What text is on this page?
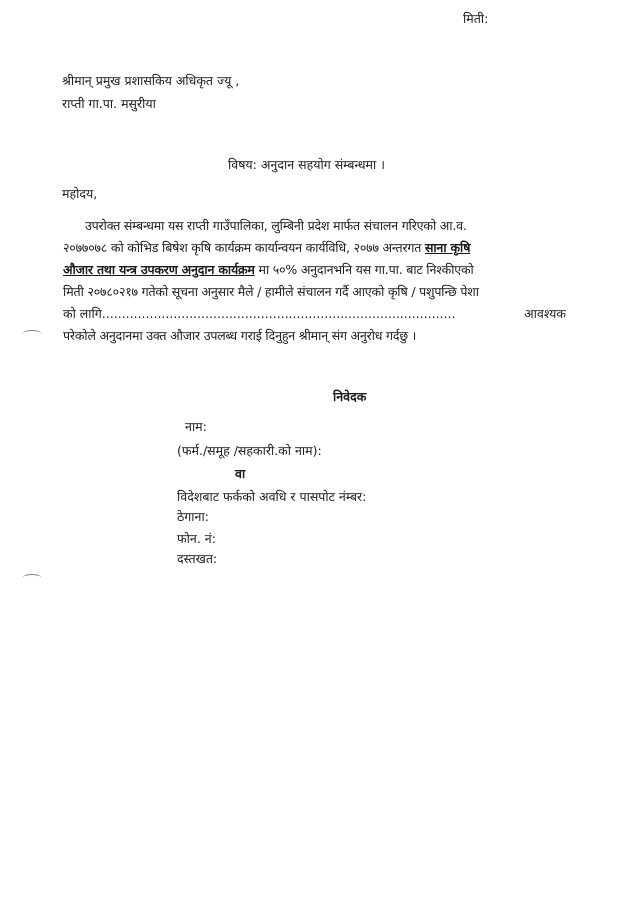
मिती:
श्रीमान् प्रमुख प्रशासकिय अधिकृत ज्यू ,
राप्ती गा.पा. मसुरीया
विषय: अनुदान सहयोग संम्बन्धमा ।
महोदय,
उपरोक्त संम्बन्धमा यस राप्ती गाउँपालिका, लुम्बिनी प्रदेश मार्फत संचालन गरिएको आ.व.
२०७७०७८ को कोभिड बिषेश कृषि कार्यक्रम कार्यान्वयन कार्यविधि, २०७७ अन्तरगत साना कृषि
औजार तथा यन्त्र उपकरण अनुदान कार्यक्रम मा ५०% अनुदानभनि यस गा.पा. बाट निश्कीएको
मिती २०७८०२१७ गतेको सूचना अनुसार मैले / हामीले संचालन गर्दै आएको कृषि / पशुपन्छि पेशा
को लागि.........................................................................................	आवश्यक
परेकोले अनुदानमा उक्त औजार उपलब्ध गराई दिनुहुन श्रीमान् संग अनुरोध गर्दछु ।
निवेदक
नाम:
(फर्म./समूह /सहकारी.को नाम):
वा
विदेशबाट फर्कको अवधि र पासपोट नंम्बर:
ठेगाना:
फोन. नं:
दस्तखत:
